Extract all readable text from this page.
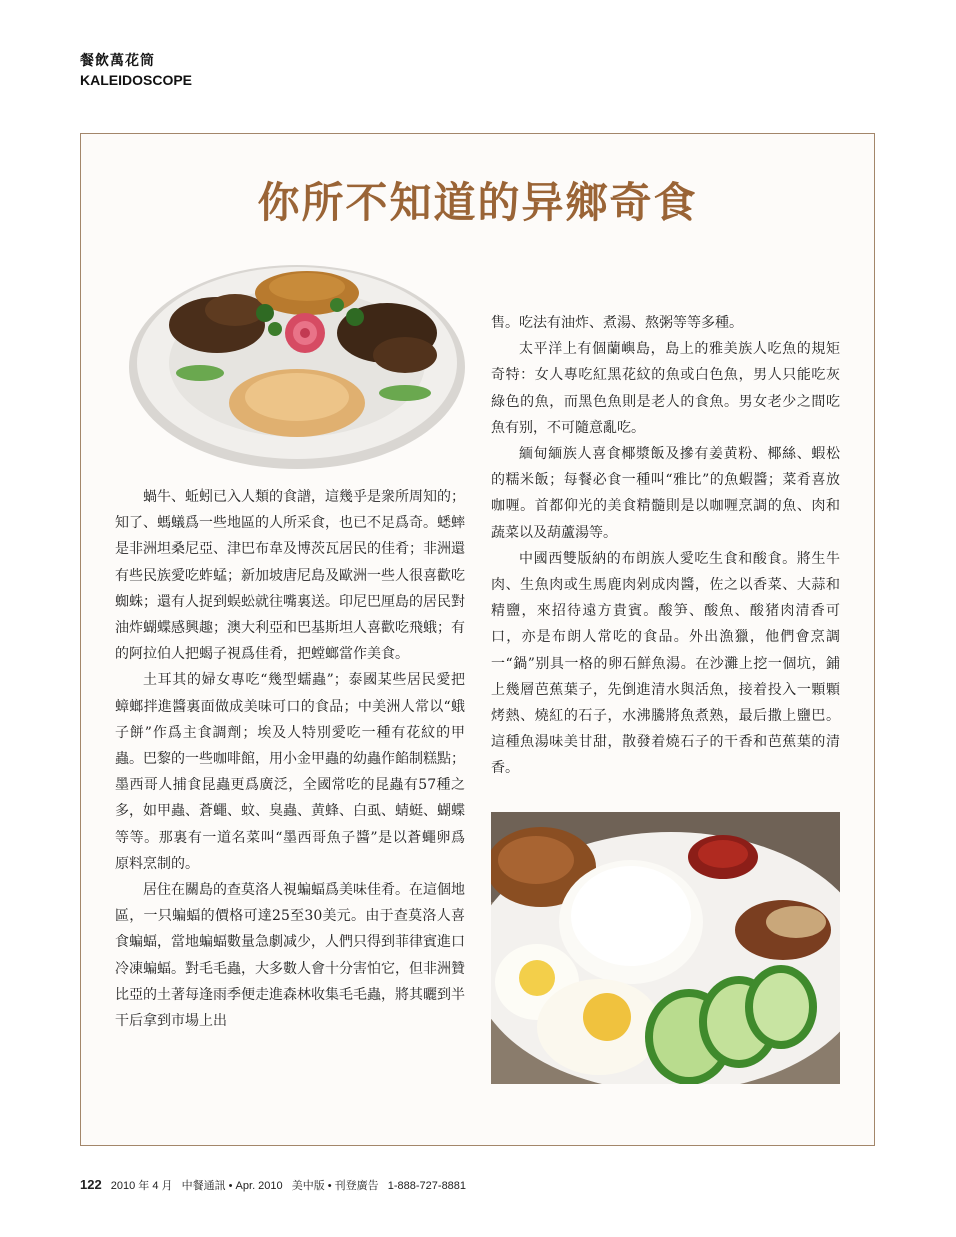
餐飲萬花筒
KALEIDOSCOPE
你所不知道的异鄉奇食

蝸牛、蚯蚓已入人類的食譜，這幾乎是衆所周知的；知了、螞蟻爲一些地區的人所采食，也已不足爲奇。蟋蟀是非洲坦桑尼亞、津巴布韋及博茨瓦居民的佳肴；非洲還有些民族愛吃蚱蜢；新加坡唐尼島及歐洲一些人很喜歡吃蜘蛛；還有人捉到蜈蚣就往嘴裏送。印尼巴厘島的居民對油炸蝴蝶感興趣；澳大利亞和巴基斯坦人喜歡吃飛蛾；有的阿拉伯人把蝎子視爲佳肴，把螳螂當作美食。

土耳其的婦女專吃“幾型蠕蟲”；泰國某些居民愛把蟑螂拌進醬裏面做成美味可口的食品；中美洲人常以“蛾子餅”作爲主食調劑；埃及人特別愛吃一種有花紋的甲蟲。巴黎的一些咖啡館，用小金甲蟲的幼蟲作餡制糕點；墨西哥人捕食昆蟲更爲廣泛，全國常吃的昆蟲有57種之多，如甲蟲、蒼蠅、蚊、臭蟲、黄蜂、白虱、蜻蜓、蝴蝶等等。那裏有一道名菜叫“墨西哥魚子醬”是以蒼蠅卵爲原料烹制的。

居住在關島的查莫洛人視蝙蝠爲美味佳肴。在這個地區，一只蝙蝠的價格可達25至30美元。由于查莫洛人喜食蝙蝠，當地蝙蝠數量急劇减少，人們只得到菲律賓進口冷凍蝙蝠。對毛毛蟲，大多數人會十分害怕它，但非洲贊比亞的土著每逢雨季便走進森林收集毛毛蟲，將其曬到半干后拿到市場上出

售。吃法有油炸、煮湯、熬粥等等多種。

太平洋上有個蘭嶼島，島上的雅美族人吃魚的規矩奇特：女人專吃紅黑花紋的魚或白色魚，男人只能吃灰綠色的魚，而黑色魚則是老人的食魚。男女老少之間吃魚有别，不可隨意亂吃。

緬甸緬族人喜食椰漿飯及摻有姜黄粉、椰絲、蝦松的糯米飯；每餐必食一種叫“雅比”的魚蝦醬；菜肴喜放咖喱。首都仰光的美食精髓則是以咖喱烹調的魚、肉和蔬菜以及葫蘆湯等。

中國西雙版納的布朗族人愛吃生食和酸食。將生牛肉、生魚肉或生馬鹿肉剁成肉醬，佐之以香菜、大蒜和精鹽，來招待遠方貴賓。酸笋、酸魚、酸猪肉清香可口，亦是布朗人常吃的食品。外出漁獵，他們會烹調一“鍋”别具一格的卵石鮮魚湯。在沙灘上挖一個坑，鋪上幾層芭蕉葉子，先倒進清水與活魚，接着投入一顆顆烤熱、燒紅的石子，水沸騰將魚煮熟，最后撒上鹽巴。這種魚湯味美甘甜，散發着燒石子的干香和芭蕉葉的清香。

122 2010 年 4 月 中餐通訊 • Apr. 2010 美中版 • 刊登廣告 1-888-727-8881
